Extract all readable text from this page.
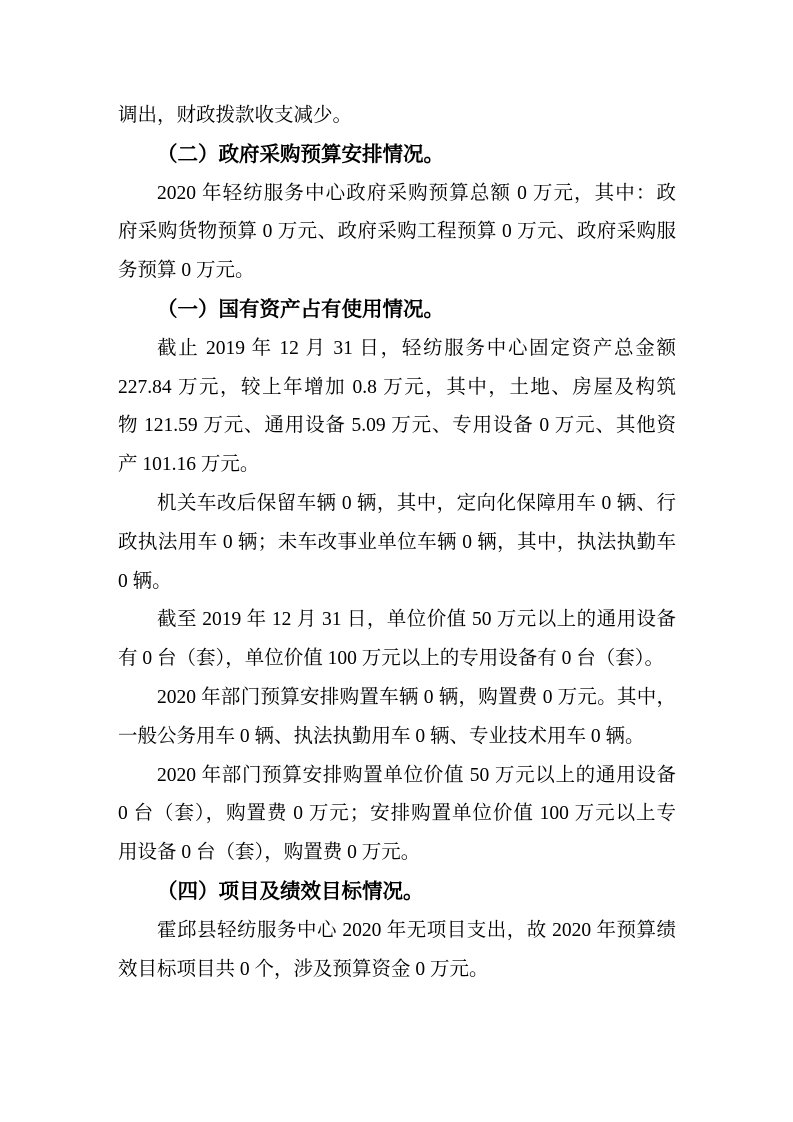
调出，财政拨款收支减少。
（二）政府采购预算安排情况。
2020 年轻纺服务中心政府采购预算总额 0 万元，其中：政
府采购货物预算 0 万元、政府采购工程预算 0 万元、政府采购服
务预算 0 万元。
（一）国有资产占有使用情况。
截止 2019 年 12 月 31 日，轻纺服务中心固定资产总金额
227.84 万元，较上年增加 0.8 万元，其中，土地、房屋及构筑
物 121.59 万元、通用设备 5.09 万元、专用设备 0 万元、其他资
产 101.16 万元。
机关车改后保留车辆 0 辆，其中，定向化保障用车 0 辆、行
政执法用车 0 辆；未车改事业单位车辆 0 辆，其中，执法执勤车
0 辆。
截至 2019 年 12 月 31 日，单位价值 50 万元以上的通用设备
有 0 台（套），单位价值 100 万元以上的专用设备有 0 台（套）。
2020 年部门预算安排购置车辆 0 辆，购置费 0 万元。其中，
一般公务用车 0 辆、执法执勤用车 0 辆、专业技术用车 0 辆。
2020 年部门预算安排购置单位价值 50 万元以上的通用设备
0 台（套），购置费 0 万元；安排购置单位价值 100 万元以上专
用设备 0 台（套），购置费 0 万元。
（四）项目及绩效目标情况。
霍邱县轻纺服务中心 2020 年无项目支出，故 2020 年预算绩
效目标项目共 0 个，涉及预算资金 0 万元。
